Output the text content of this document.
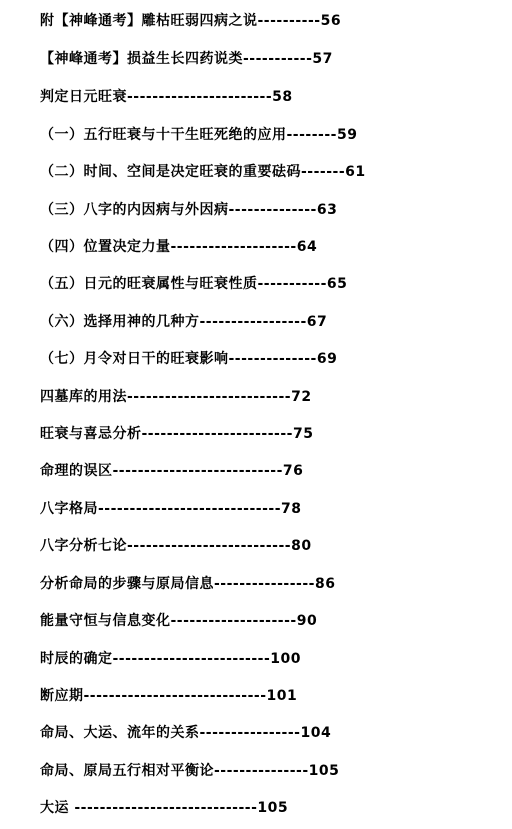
附【神峰通考】雕枯旺弱四病之说----------56
【神峰通考】损益生长四药说类-----------57
判定日元旺衰-----------------------58
（一）五行旺衰与十干生旺死绝的应用--------59
（二）时间、空间是决定旺衰的重要砝码-------61
（三）八字的内因病与外因病--------------63
（四）位置决定力量--------------------64
（五）日元的旺衰属性与旺衰性质-----------65
（六）选择用神的几种方-----------------67
（七）月令对日干的旺衰影响--------------69
四墓库的用法--------------------------72
旺衰与喜忌分析------------------------75
命理的误区---------------------------76
八字格局-----------------------------78
八字分析七论--------------------------80
分析命局的步骤与原局信息----------------86
能量守恒与信息变化--------------------90
时辰的确定-------------------------100
断应期-----------------------------101
命局、大运、流年的关系----------------104
命局、原局五行相对平衡论---------------105
大运 -----------------------------105
